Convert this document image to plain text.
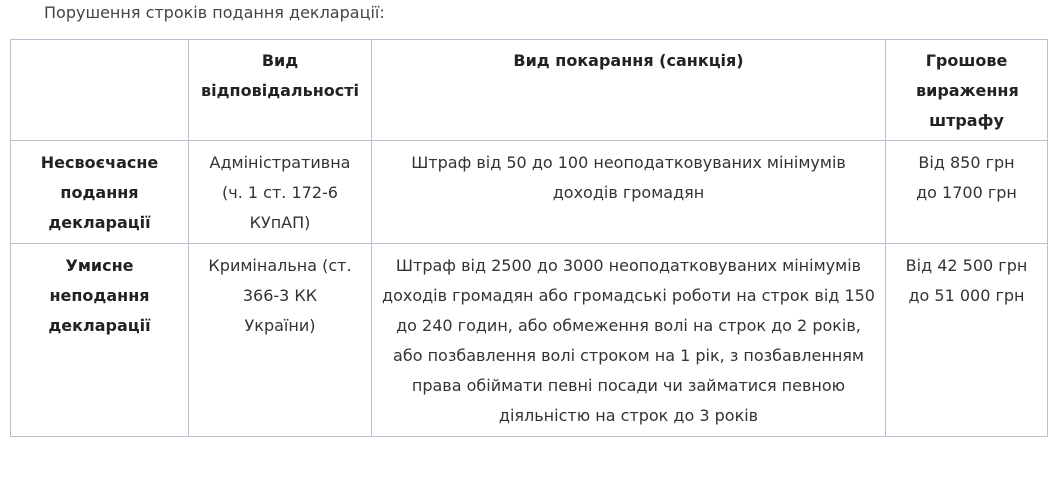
Порушення строків подання декларації:

	Вид відповідальності	Вид покарання (санкція)	Грошове вираження штрафу

Несвоєчасне подання декларації	Адміністративна (ч. 1 ст. 172-6 КУпАП)	Штраф від 50 до 100 неоподатковуваних мінімумів доходів громадян	Від 850 грн до 1700 грн

Умисне неподання декларації	Кримінальна (ст. 366-3 КК України)	Штраф від 2500 до 3000 неоподатковуваних мінімумів доходів громадян або громадські роботи на строк від 150 до 240 годин, або обмеження волі на строк до 2 років, або позбавлення волі строком на 1 рік, з позбавленням права обіймати певні посади чи займатися певною діяльністю на строк до 3 років	Від 42 500 грн до 51 000 грн
